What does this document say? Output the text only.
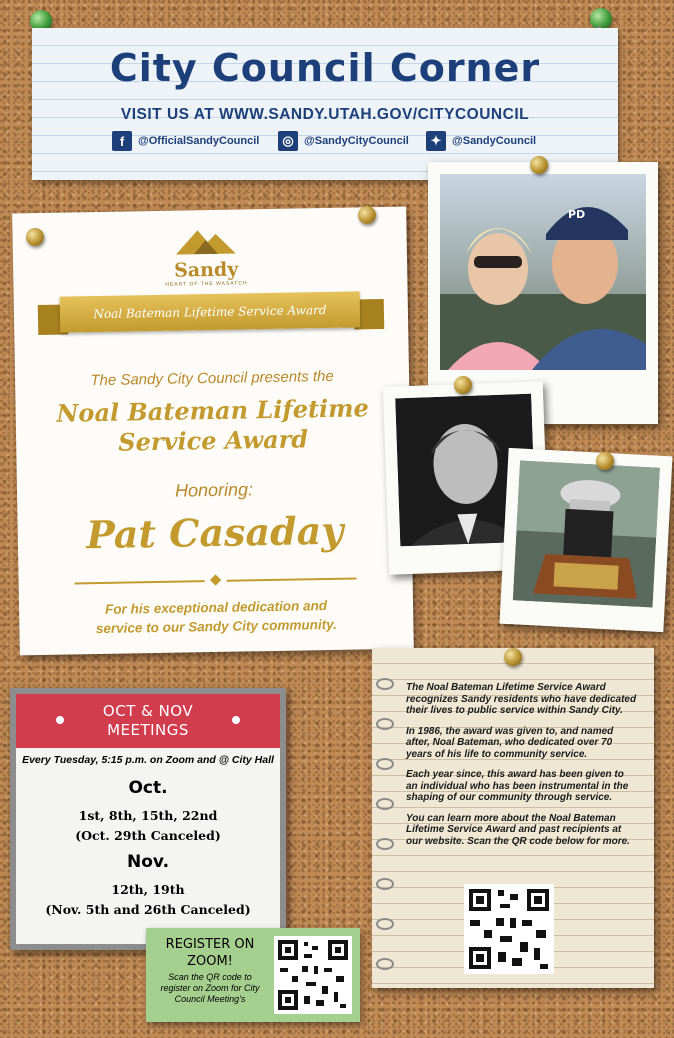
City Council Corner
VISIT US AT WWW.SANDY.UTAH.GOV/CITYCOUNCIL
f	@OfficialSandyCouncil	◎ @SandyCityCouncil	✦ @SandyCouncil
Sandy
HEART OF THE WASATCH
Noal Bateman Lifetime Service Award
The Sandy City Council presents the
Noal Bateman Lifetime
Service Award
Honoring:
Pat Casaday
For his exceptional dedication and
service to our Sandy City community.
PD
OCT & NOV
MEETINGS
Every Tuesday, 5:15 p.m. on Zoom and @ City Hall
Oct.
1st, 8th, 15th, 22nd
(Oct. 29th Canceled)
Nov.
12th, 19th
(Nov. 5th and 26th Canceled)
REGISTER ON
ZOOM!
Scan the QR code to register on Zoom for City Council Meeting's

The Noal Bateman Lifetime Service Award recognizes Sandy residents who have dedicated their lives to public service within Sandy City.

In 1986, the award was given to, and named after, Noal Bateman, who dedicated over 70 years of his life to community service.

Each year since, this award has been given to an individual who has been instrumental in the shaping of our community through service.

You can learn more about the Noal Bateman Lifetime Service Award and past recipients at our website. Scan the QR code below for more.
